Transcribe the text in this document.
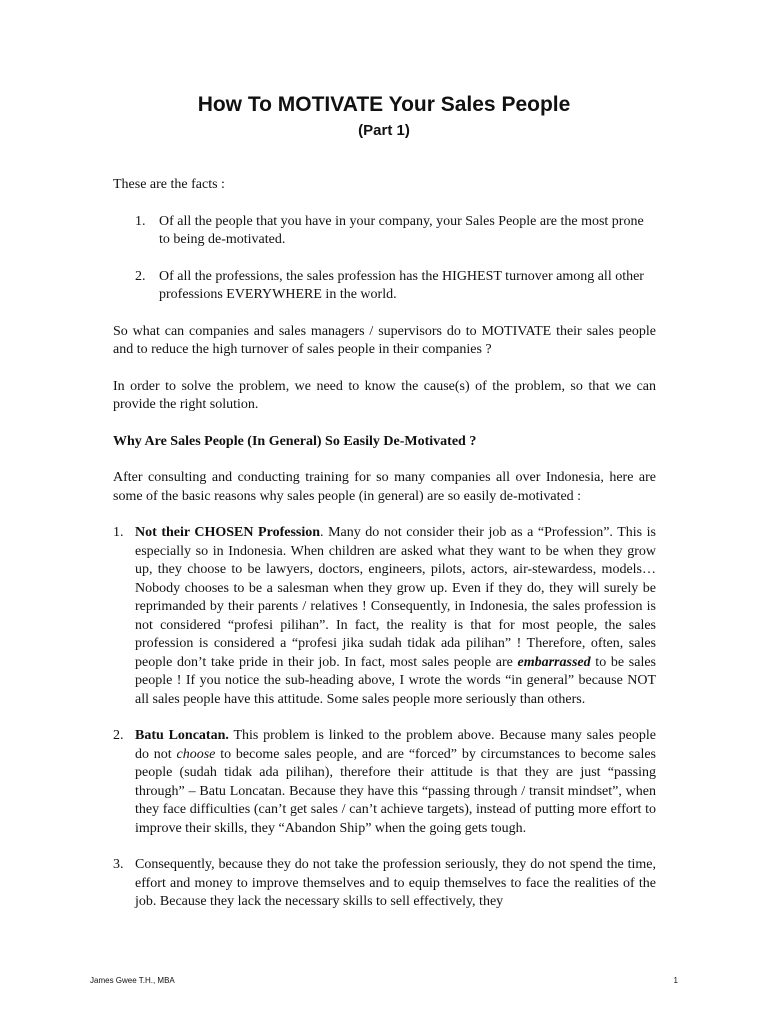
How To MOTIVATE Your Sales People
(Part 1)

These are the facts :

1. Of all the people that you have in your company, your Sales People are the most prone to being de-motivated.
2. Of all the professions, the sales profession has the HIGHEST turnover among all other professions EVERYWHERE in the world.

So what can companies and sales managers / supervisors do to MOTIVATE their sales people and to reduce the high turnover of sales people in their companies ?

In order to solve the problem, we need to know the cause(s) of the problem, so that we can provide the right solution.

Why Are Sales People (In General) So Easily De-Motivated ?

After consulting and conducting training for so many companies all over Indonesia, here are some of the basic reasons why sales people (in general) are so easily de-motivated :

1. Not their CHOSEN Profession. Many do not consider their job as a “Profession”. This is especially so in Indonesia. When children are asked what they want to be when they grow up, they choose to be lawyers, doctors, engineers, pilots, actors, air-stewardess, models… Nobody chooses to be a salesman when they grow up. Even if they do, they will surely be reprimanded by their parents / relatives ! Consequently, in Indonesia, the sales profession is not considered “profesi pilihan”. In fact, the reality is that for most people, the sales profession is considered a “profesi jika sudah tidak ada pilihan” ! Therefore, often, sales people don’t take pride in their job. In fact, most sales people are embarrassed to be sales people ! If you notice the sub-heading above, I wrote the words “in general” because NOT all sales people have this attitude. Some sales people more seriously than others.
2. Batu Loncatan. This problem is linked to the problem above. Because many sales people do not choose to become sales people, and are “forced” by circumstances to become sales people (sudah tidak ada pilihan), therefore their attitude is that they are just “passing through” – Batu Loncatan. Because they have this “passing through / transit mindset”, when they face difficulties (can’t get sales / can’t achieve targets), instead of putting more effort to improve their skills, they “Abandon Ship” when the going gets tough.
3. Consequently, because they do not take the profession seriously, they do not spend the time, effort and money to improve themselves and to equip themselves to face the realities of the job. Because they lack the necessary skills to sell effectively, they
James Gwee T.H., MBA	1
